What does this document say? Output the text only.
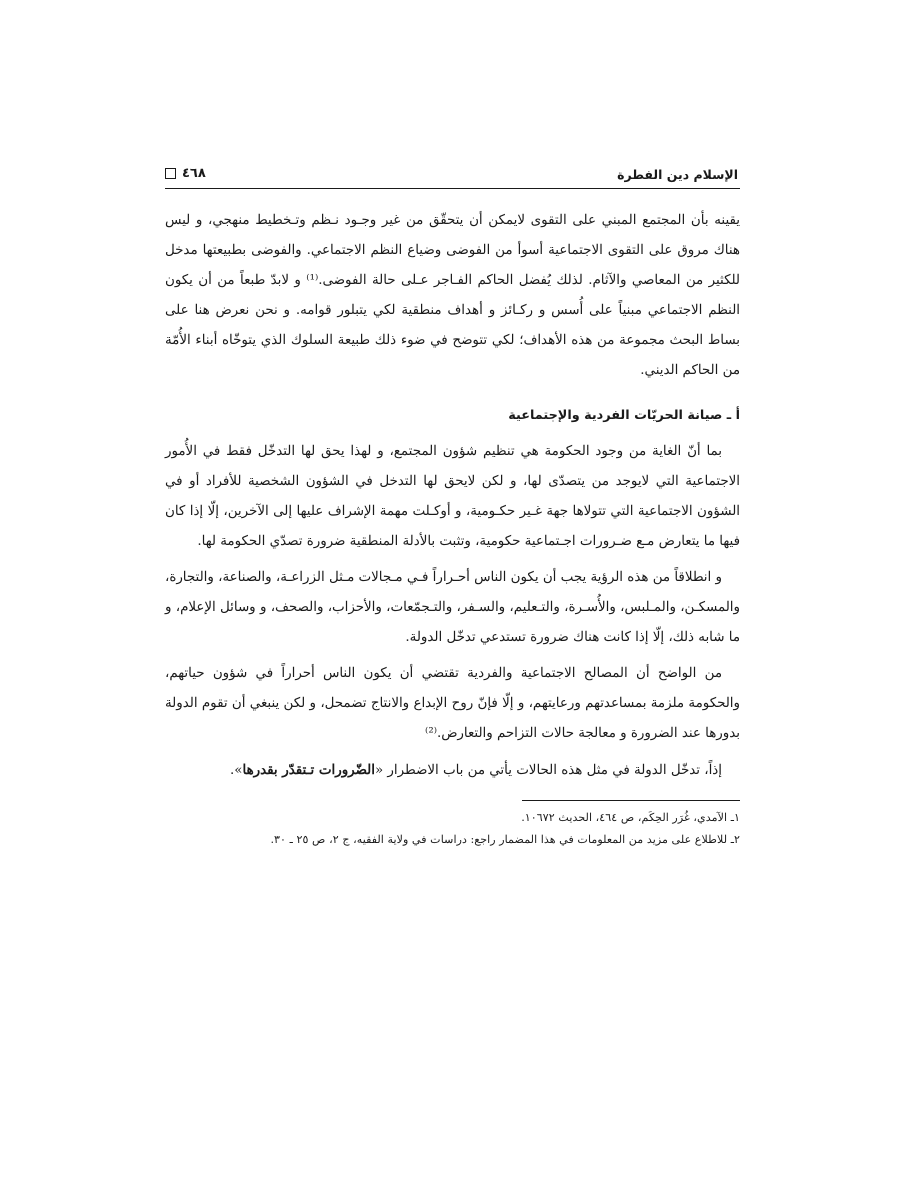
الإسلام دين الفطرة
٤٦٨

يقينه بأن المجتمع المبني على التقوى لايمكن أن يتحقّق من غير وجـود نـظم وتـخطيط منهجي، و ليس هناك مروق على التقوى الاجتماعية أسوأ من الفوضى وضياع النظم الاجتماعي. والفوضى بطبيعتها مدخل للكثير من المعاصي والآثام. لذلك يُفضل الحاكم الفـاجر عـلى حالة الفوضى.⁽¹⁾ و لابدّ طبعاً من أن يكون النظم الاجتماعي مبنياً على أُسس و ركـائز و أهداف منطقية لكي يتبلور قوامه. و نحن نعرض هنا على بساط البحث مجموعة من هذه الأهداف؛ لكي تتوضح في ضوء ذلك طبيعة السلوك الذي يتوخّاه أبناء الأُمّة من الحاكم الديني.

أ ـ صيانة الحريّات الفردية والإجتماعية

بما أنّ الغاية من وجود الحكومة هي تنظيم شؤون المجتمع، و لهذا يحق لها التدخّل فقط في الأُمور الاجتماعية التي لايوجد من يتصدّى لها، و لكن لايحق لها التدخل في الشؤون الشخصية للأفراد أو في الشؤون الاجتماعية التي تتولاها جهة غـير حكـومية، و أوكـلت مهمة الإشراف عليها إلى الآخرين، إلّا إذا كان فيها ما يتعارض مـع ضـرورات اجـتماعية حكومية، وتثبت بالأدلة المنطقية ضرورة تصدّي الحكومة لها.

و انطلاقاً من هذه الرؤية يجب أن يكون الناس أحـراراً فـي مـجالات مـثل الزراعـة، والصناعة، والتجارة، والمسكـن، والمـلبس، والأُسـرة، والتـعليم، والسـفر، والتـجمّعات، والأحزاب، والصحف، و وسائل الإعلام، و ما شابه ذلك، إلّا إذا كانت هناك ضرورة تستدعي تدخّل الدولة.

من الواضح أن المصالح الاجتماعية والفردية تقتضي أن يكون الناس أحراراً في شؤون حياتهم، والحكومة ملزمة بمساعدتهم ورعايتهم، و إلّا فإنّ روح الإبداع والانتاج تضمحل، و لكن ينبغي أن تقوم الدولة بدورها عند الضرورة و معالجة حالات التزاحم والتعارض.⁽²⁾

إذاً، تدخّل الدولة في مثل هذه الحالات يأتي من باب الاضطرار «الضّرورات تـتقدّر بقدرها».

١ـ الآمدي، غُرَر الحِكَم، ص ٤٦٤، الحديث ١٠٦٧٢.
٢ـ للاطلاع على مزيد من المعلومات في هذا المضمار راجع: دراسات في ولاية الفقيه، ج ٢، ص ٢٥ ـ ٣٠.
